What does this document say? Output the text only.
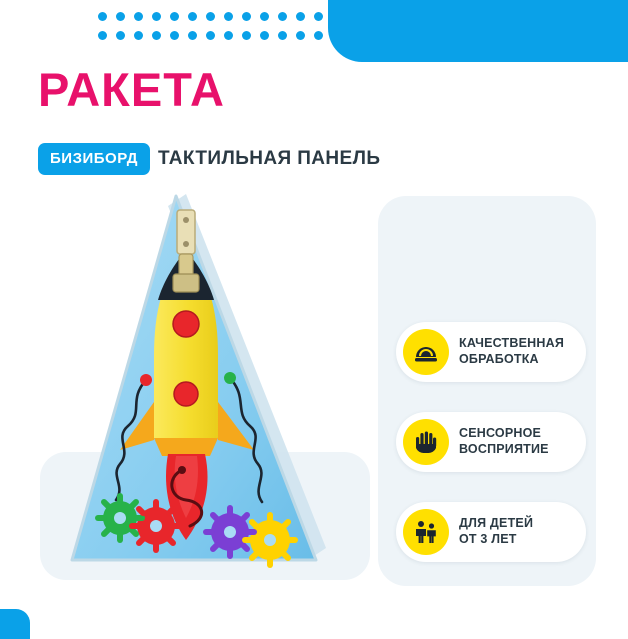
РАКЕТА
БИЗИБОРД	ТАКТИЛЬНАЯ ПАНЕЛЬ
КАЧЕСТВЕННАЯ
ОБРАБОТКА
СЕНСОРНОЕ
ВОСПРИЯТИЕ
ДЛЯ ДЕТЕЙ
ОТ 3 ЛЕТ
